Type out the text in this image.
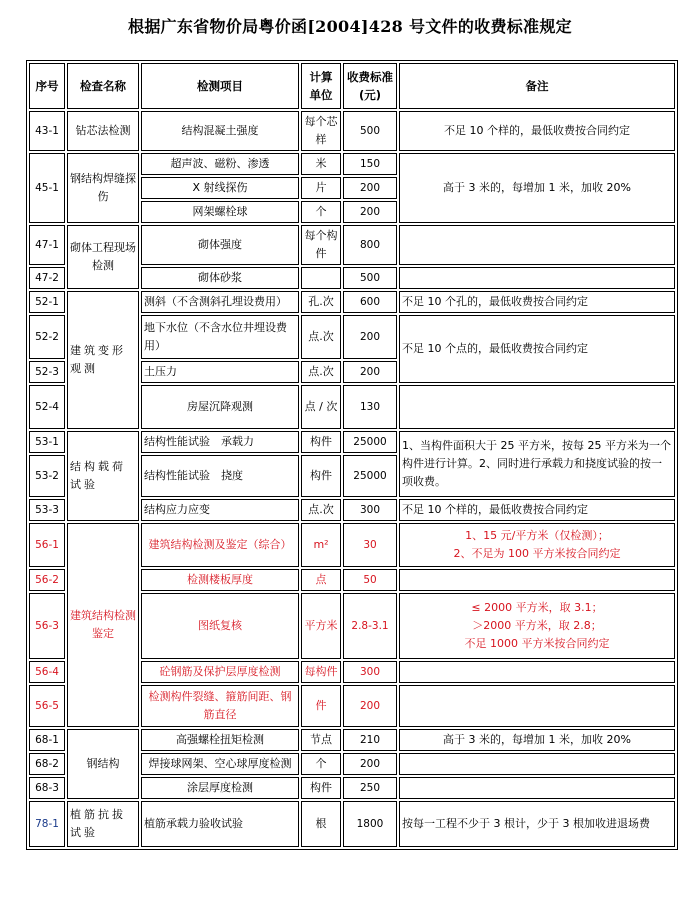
根据广东省物价局粤价函[2004]428 号文件的收费标准规定
序号	检查名称	检测项目	计算单位	收费标准(元)	备注
43-1	钻芯法检测	结构混凝土强度	每个芯样	500	不足 10 个样的，最低收费按合同约定
45-1	钢结构焊缝探伤	超声波、磁粉、渗透	米	150	高于 3 米的，每增加 1 米，加收 20%
		X 射线探伤	片	200	
		网架螺栓球	个	200	
47-1	砌体工程现场检测	砌体强度	每个构件	800	
47-2		砌体砂浆		500	
52-1	建筑变形观测	测斜（不含测斜孔埋设费用）	孔.次	600	不足 10 个孔的，最低收费按合同约定
52-2		地下水位（不含水位井埋设费用）	点.次	200	不足 10 个点的，最低收费按合同约定
52-3		土压力	点.次	200	
52-4		房屋沉降观测	点 / 次	130	
53-1	结构载荷试验	结构性能试验　承载力	构件	25000	1、当构件面积大于 25 平方米，按每 25 平方米为一个构件进行计算。2、同时进行承载力和挠度试验的按一项收费。
53-2		结构性能试验　挠度	构件	25000	
53-3		结构应力应变	点.次	300	不足 10 个样的，最低收费按合同约定
56-1	建筑结构检测鉴定	建筑结构检测及鉴定（综合）	m²	30	1、15 元/平方米（仅检测）；
2、不足为 100 平方米按合同约定

56-2		检测楼板厚度	点	50	
56-3		图纸复核	平方米	2.8-3.1	≤ 2000 平方米，取 3.1；
＞2000 平方米，取 2.8；
不足 1000 平方米按合同约定

56-4		砼钢筋及保护层厚度检测	每构件	300	
56-5		检测构件裂缝、箍筋间距、钢筋直径	件	200	
68-1	钢结构	高强螺栓扭矩检测	节点	210	高于 3 米的，每增加 1 米，加收 20%
68-2		焊接球网架、空心球厚度检测	个	200	
68-3		涂层厚度检测	构件	250	
78-1	植筋抗拔试验	植筋承载力验收试验	根	1800	按每一工程不少于 3 根计，少于 3 根加收进退场费
